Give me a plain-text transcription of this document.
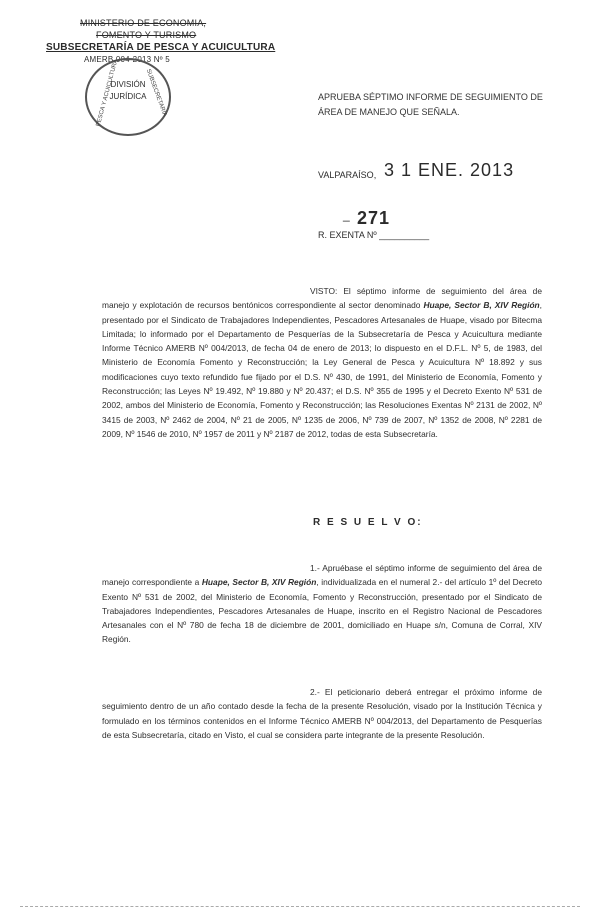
MINISTERIO DE ECONOMIA,
FOMENTO Y TURISMO
SUBSECRETARÍA DE PESCA Y ACUICULTURA
AMERB 004-2013 Nº 5
DIVISIÓN
JURÍDICA
PESCA Y ACUICULTURA	SUBSECRETARIA	APRUEBA SÉPTIMO INFORME DE SEGUIMIENTO DE ÁREA DE MANEJO QUE SEÑALA.
VALPARAÍSO, 3 1 ENE. 2013
_ 271
R. EXENTA Nº __________
VISTO: El séptimo informe de seguimiento del área de manejo y explotación de recursos bentónicos correspondiente al sector denominado Huape, Sector B, XIV Región, presentado por el Sindicato de Trabajadores Independientes, Pescadores Artesanales de Huape, visado por Bitecma Limitada; lo informado por el Departamento de Pesquerías de la Subsecretaría de Pesca y Acuicultura mediante Informe Técnico AMERB Nº 004/2013, de fecha 04 de enero de 2013; lo dispuesto en el D.F.L. Nº 5, de 1983, del Ministerio de Economía Fomento y Reconstrucción; la Ley General de Pesca y Acuicultura Nº 18.892 y sus modificaciones cuyo texto refundido fue fijado por el D.S. Nº 430, de 1991, del Ministerio de Economía, Fomento y Reconstrucción; las Leyes Nº 19.492, Nº 19.880 y Nº 20.437; el D.S. Nº 355 de 1995 y el Decreto Exento Nº 531 de 2002, ambos del Ministerio de Economía, Fomento y Reconstrucción; las Resoluciones Exentas Nº 2131 de 2002, Nº 3415 de 2003, Nº 2462 de 2004, Nº 21 de 2005, Nº 1235 de 2006, Nº 739 de 2007, Nº 1352 de 2008, Nº 2281 de 2009, Nº 1546 de 2010, Nº 1957 de 2011 y Nº 2187 de 2012, todas de esta Subsecretaría.
R E S U E L V O:
1.- Apruébase el séptimo informe de seguimiento del área de manejo correspondiente a Huape, Sector B, XIV Región, individualizada en el numeral 2.- del artículo 1º del Decreto Exento Nº 531 de 2002, del Ministerio de Economía, Fomento y Reconstrucción, presentado por el Sindicato de Trabajadores Independientes, Pescadores Artesanales de Huape, inscrito en el Registro Nacional de Pescadores Artesanales con el Nº 780 de fecha 18 de diciembre de 2001, domiciliado en Huape s/n, Comuna de Corral, XIV Región.
2.- El peticionario deberá entregar el próximo informe de seguimiento dentro de un año contado desde la fecha de la presente Resolución, visado por la Institución Técnica y formulado en los términos contenidos en el Informe Técnico AMERB Nº 004/2013, del Departamento de Pesquerías de esta Subsecretaría, citado en Visto, el cual se considera parte integrante de la presente Resolución.
